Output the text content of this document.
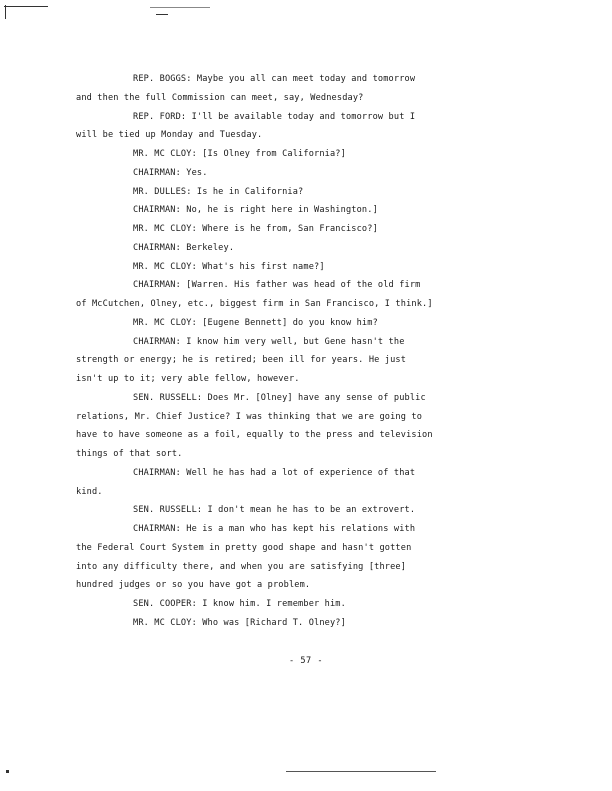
REP. BOGGS: Maybe you all can meet today and tomorrow
and then the full Commission can meet, say, Wednesday?
REP. FORD: I'll be available today and tomorrow but I
will be tied up Monday and Tuesday.
MR. MC CLOY: [Is Olney from California?]
CHAIRMAN: Yes.
MR. DULLES: Is he in California?
CHAIRMAN: No, he is right here in Washington.]
MR. MC CLOY: Where is he from, San Francisco?]
CHAIRMAN: Berkeley.
MR. MC CLOY: What's his first name?]
CHAIRMAN: [Warren. His father was head of the old firm
of McCutchen, Olney, etc., biggest firm in San Francisco, I think.]
MR. MC CLOY: [Eugene Bennett] do you know him?
CHAIRMAN: I know him very well, but Gene hasn't the
strength or energy; he is retired; been ill for years. He just
isn't up to it; very able fellow, however.
SEN. RUSSELL: Does Mr. [Olney] have any sense of public
relations, Mr. Chief Justice? I was thinking that we are going to
have to have someone as a foil, equally to the press and television
things of that sort.
CHAIRMAN: Well he has had a lot of experience of that
kind.
SEN. RUSSELL: I don't mean he has to be an extrovert.
CHAIRMAN: He is a man who has kept his relations with
the Federal Court System in pretty good shape and hasn't gotten
into any difficulty there, and when you are satisfying [three]
hundred judges or so you have got a problem.
SEN. COOPER: I know him. I remember him.
MR. MC CLOY: Who was [Richard T. Olney?]
- 57 -
